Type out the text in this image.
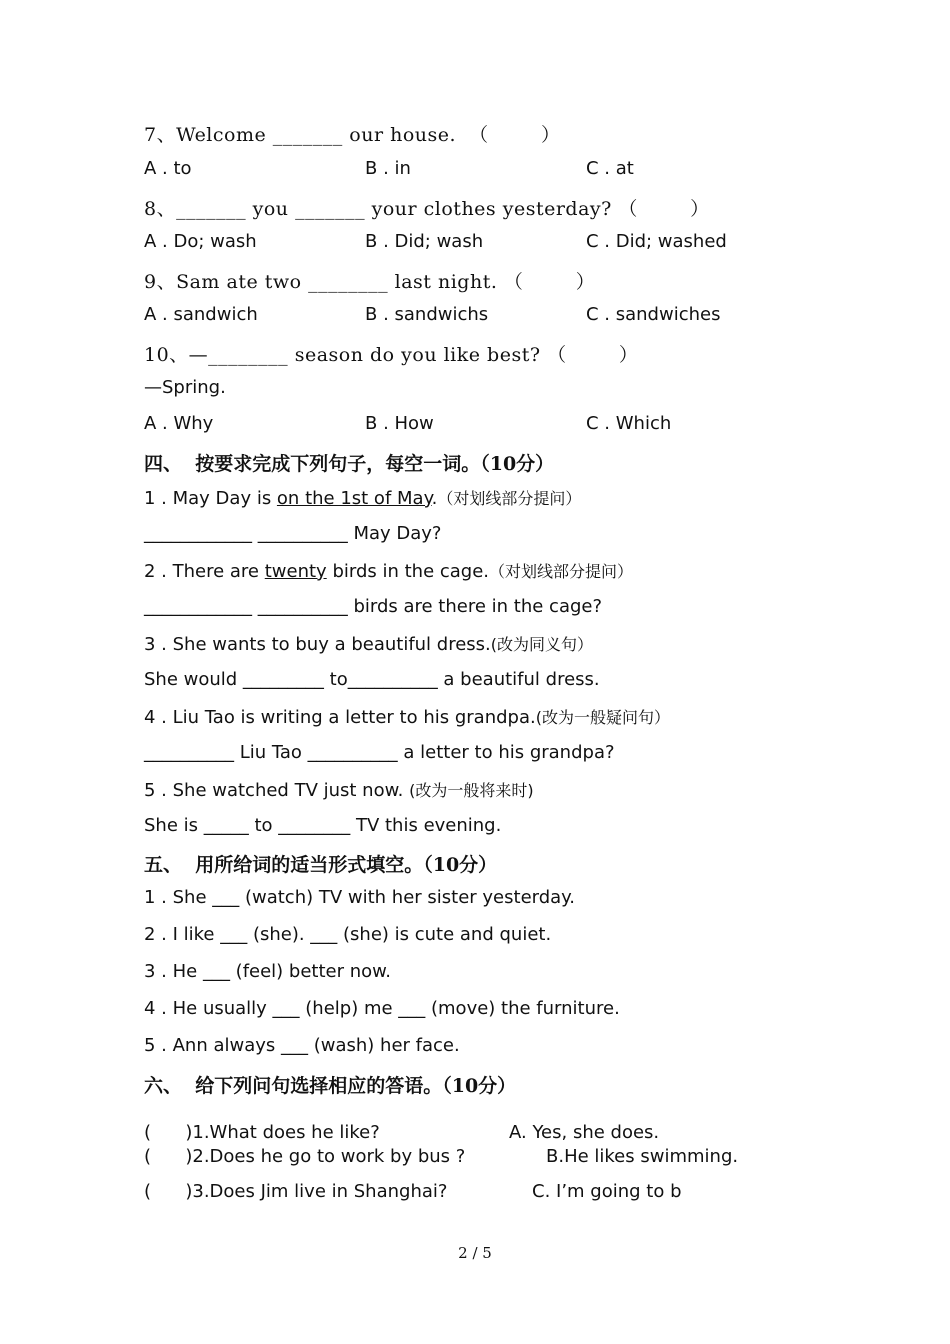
7、Welcome _______ our house.  （        ）
A . to	B . in	C . at
8、_______ you _______ your clothes yesterday? （        ）
A . Do; wash	B . Did; wash	C . Did; washed
9、Sam ate two ________ last night. （        ）
A . sandwich	B . sandwichs	C . sandwiches
10、—________ season do you like best? （        ）
—Spring.
A . Why	B . How	C . Which
四、  按要求完成下列句子，每空一词。（10分）
1 . May Day is on the 1st of May.（对划线部分提问）
____________ __________ May Day?
2 . There are twenty birds in the cage.（对划线部分提问）
____________ __________ birds are there in the cage?
3 . She wants to buy a beautiful dress.(改为同义句）
She would _________ to__________ a beautiful dress.
4 . Liu Tao is writing a letter to his grandpa.(改为一般疑问句）
__________ Liu Tao __________ a letter to his grandpa?
5 . She watched TV just now. (改为一般将来时)
She is _____ to ________ TV this evening.
五、  用所给词的适当形式填空。（10分）
1 . She ___ (watch) TV with her sister yesterday.
2 . I like ___ (she). ___ (she) is cute and quiet.
3 . He ___ (feel) better now.
4 . He usually ___ (help) me ___ (move) the furniture.
5 . Ann always ___ (wash) her face.
六、  给下列问句选择相应的答语。（10分）
(      )1.What does he like?	A. Yes, she does.
(      )2.Does he go to work by bus ?	B.He likes swimming.
(      )3.Does Jim live in Shanghai?	C. I’m going to b
2 / 5
